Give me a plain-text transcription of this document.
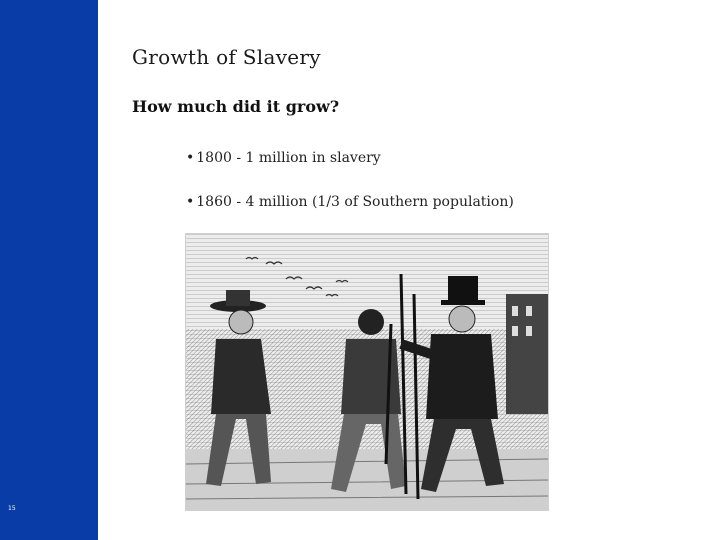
15
Growth of Slavery
How much did it grow?
• 1800 - 1 million in slavery
• 1860 - 4 million (1/3 of Southern population)
